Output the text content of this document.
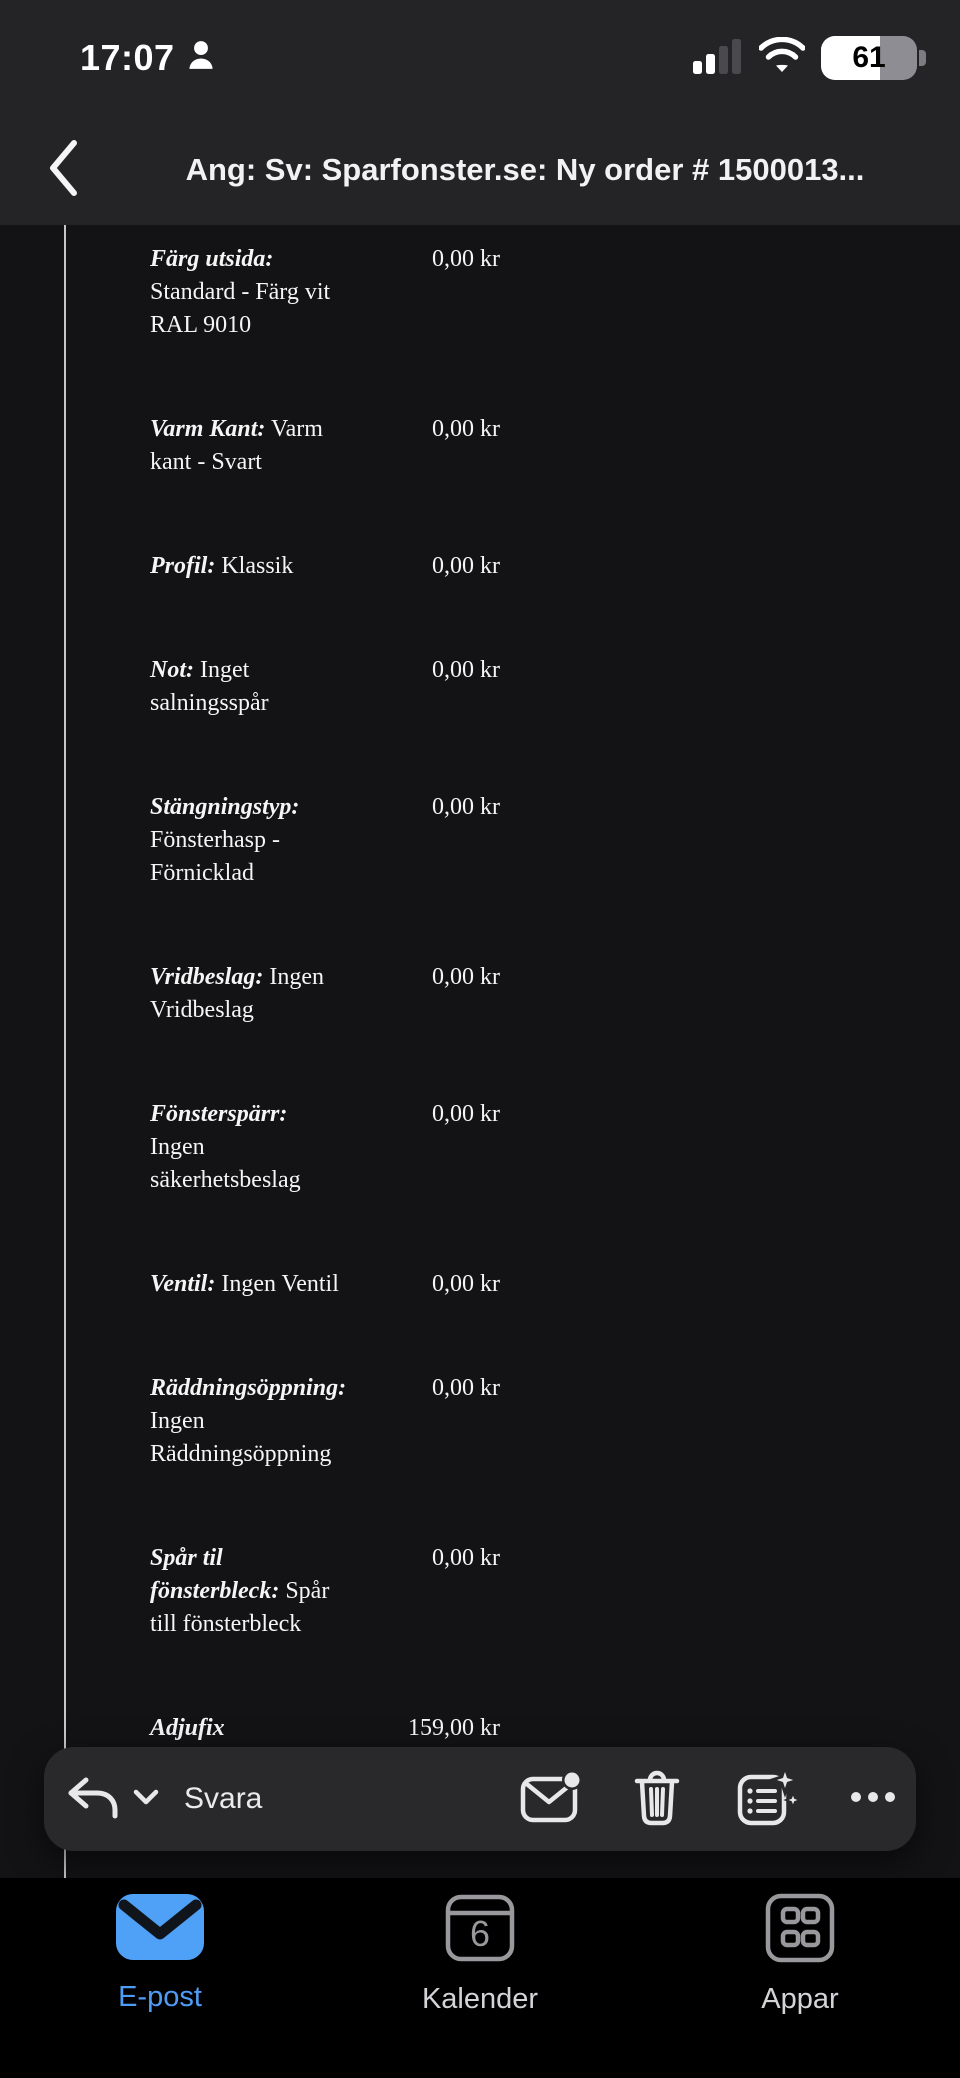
17:07	61
Ang: Sv: Sparfonster.se: Ny order # 1500013...
Färg utsida:
Standard - Färg vit
RAL 9010
0,00 kr
Varm Kant: Varm
kant - Svart
0,00 kr
Profil: Klassik	0,00 kr
Not: Inget
salningsspår
0,00 kr
Stängningstyp:
Fönsterhasp -
Förnicklad
0,00 kr
Vridbeslag: Ingen
Vridbeslag
0,00 kr
Fönsterspärr:
Ingen
säkerhetsbeslag
0,00 kr
Ventil: Ingen Ventil	0,00 kr
Räddningsöppning:
Ingen
Räddningsöppning
0,00 kr
Spår til
fönsterbleck: Spår
till fönsterbleck
0,00 kr
Adjufix	159,00 kr
Svara
E-post
6
Kalender	Appar
